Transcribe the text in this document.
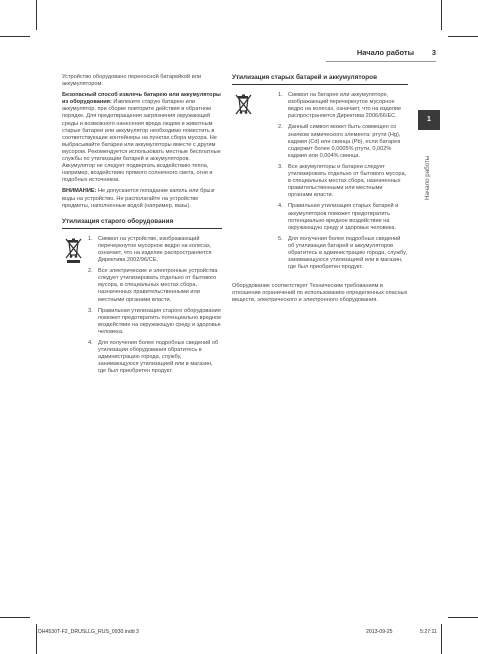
Начало работы 3

Устройство оборудовано переносной батарейкой или аккумулятором.

Безопасный способ извлечь батарею или аккумуляторы из оборудования: Извлеките старую батарею или аккумулятор, при сборке повторите действия в обратном порядке. Для предотвращения загрязнения окружающей среды и возможного нанесения вреда людям и животным старые батареи или аккумулятор необходимо поместить в соответствующие контейнеры на пунктах сбора мусора. Не выбрасывайте батареи или аккумуляторы вместе с другим мусором. Рекомендуется использовать местные бесплатные службы по утилизации батарей и аккумуляторов. Аккумулятор не следует подвергать воздействию тепла, например, воздействию прямого солнечного света, огня и подобных источников.

ВНИМАНИЕ: Не допускается попадание капель или брызг воды на устройство. Не располагайте на устройстве предметы, наполненные водой (например, вазы).

Утилизация старого оборудования
1. Символ на устройстве, изображающий перечеркнутое мусорное ведро на колесах, означает, что на изделие распространяется Директива 2002/96/CE.
2. Все электрические и электронные устройства следует утилизировать отдельно от бытового мусора, в специальных местах сбора, назначенных правительственными или местными органами власти.
3. Правильная утилизация старого оборудования поможет предотвратить потенциально вредное воздействие на окружающую среду и здоровье человека.
4. Для получения более подробных сведений об утилизации оборудования обратитесь в администрацию города, службу, занимающуюся утилизацией или в магазин, где был приобретен продукт.
Утилизация старых батарей и аккумуляторов
1. Символ на батарее или аккумуляторе, изображающий перечеркнутое мусорное ведро на колесах, означает, что на изделие распространяется Директива 2006/66/EC.
2. Данный символ может быть совмещен со значком химического элемента: ртути (Hg), кадмия (Cd) или свинца (Pb), если батарея содержит более 0,0005% ртути, 0,002% кадмия или 0,004% свинца.
3. Все аккумуляторы и батареи следует утилизировать отдельно от бытового мусора, в специальных местах сбора, назначенных правительственными или местными органами власти.
4. Правильная утилизация старых батарей и аккумуляторов поможет предотвратить потенциально вредное воздействие на окружающую среду и здоровье человека.
5. Для получения более подробных сведений об утилизации батарей и аккумуляторов обратитесь в администрацию города, службу, занимающуюся утилизацией или в магазин, где был приобретен продукт.

Оборудование соответствует Техническим требованиям в отношении ограничений по использованию определенных опасных веществ, электрического и электронного оборудования.

1
Начало работы
DH4530T-F2_DRUSLLG_RUS_0930.indd 3	2013-09-25	5:27:11
